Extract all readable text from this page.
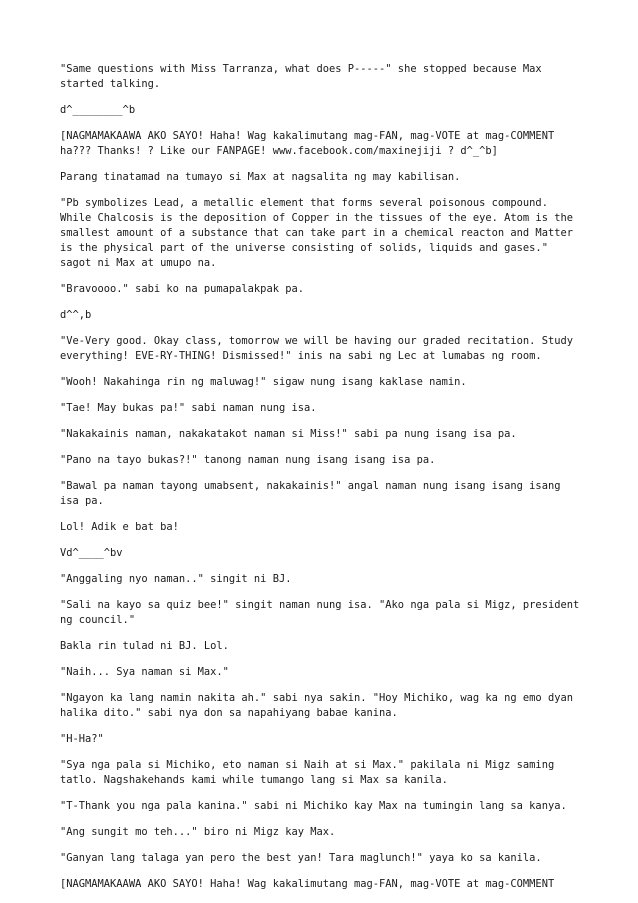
"Same questions with Miss Tarranza, what does P-----" she stopped because Max started talking.

d^________^b

[NAGMAMAKAAWA AKO SAYO! Haha! Wag kakalimutang mag-FAN, mag-VOTE at mag-COMMENT ha??? Thanks! ? Like our FANPAGE! www.facebook.com/maxinejiji ? d^_^b]

Parang tinatamad na tumayo si Max at nagsalita ng may kabilisan.

"Pb symbolizes Lead, a metallic element that forms several poisonous compound. While Chalcosis is the deposition of Copper in the tissues of the eye. Atom is the smallest amount of a substance that can take part in a chemical reacton and Matter is the physical part of the universe consisting of solids, liquids and gases." sagot ni Max at umupo na.

"Bravoooo." sabi ko na pumapalakpak pa.

d^^,b

"Ve-Very good. Okay class, tomorrow we will be having our graded recitation. Study everything! EVE-RY-THING! Dismissed!" inis na sabi ng Lec at lumabas ng room.

"Wooh! Nakahinga rin ng maluwag!" sigaw nung isang kaklase namin.

"Tae! May bukas pa!" sabi naman nung isa.

"Nakakainis naman, nakakatakot naman si Miss!" sabi pa nung isang isa pa.

"Pano na tayo bukas?!" tanong naman nung isang isang isa pa.

"Bawal pa naman tayong umabsent, nakakainis!" angal naman nung isang isang isang isa pa.

Lol! Adik e bat ba!

Vd^____^bv

"Anggaling nyo naman.." singit ni BJ.

"Sali na kayo sa quiz bee!" singit naman nung isa. "Ako nga pala si Migz, president ng council."

Bakla rin tulad ni BJ. Lol.

"Naih... Sya naman si Max."

"Ngayon ka lang namin nakita ah." sabi nya sakin. "Hoy Michiko, wag ka ng emo dyan halika dito." sabi nya don sa napahiyang babae kanina.

"H-Ha?"

"Sya nga pala si Michiko, eto naman si Naih at si Max." pakilala ni Migz saming tatlo. Nagshakehands kami while tumango lang si Max sa kanila.

"T-Thank you nga pala kanina." sabi ni Michiko kay Max na tumingin lang sa kanya.

"Ang sungit mo teh..." biro ni Migz kay Max.

"Ganyan lang talaga yan pero the best yan! Tara maglunch!" yaya ko sa kanila.

[NAGMAMAKAAWA AKO SAYO! Haha! Wag kakalimutang mag-FAN, mag-VOTE at mag-COMMENT
